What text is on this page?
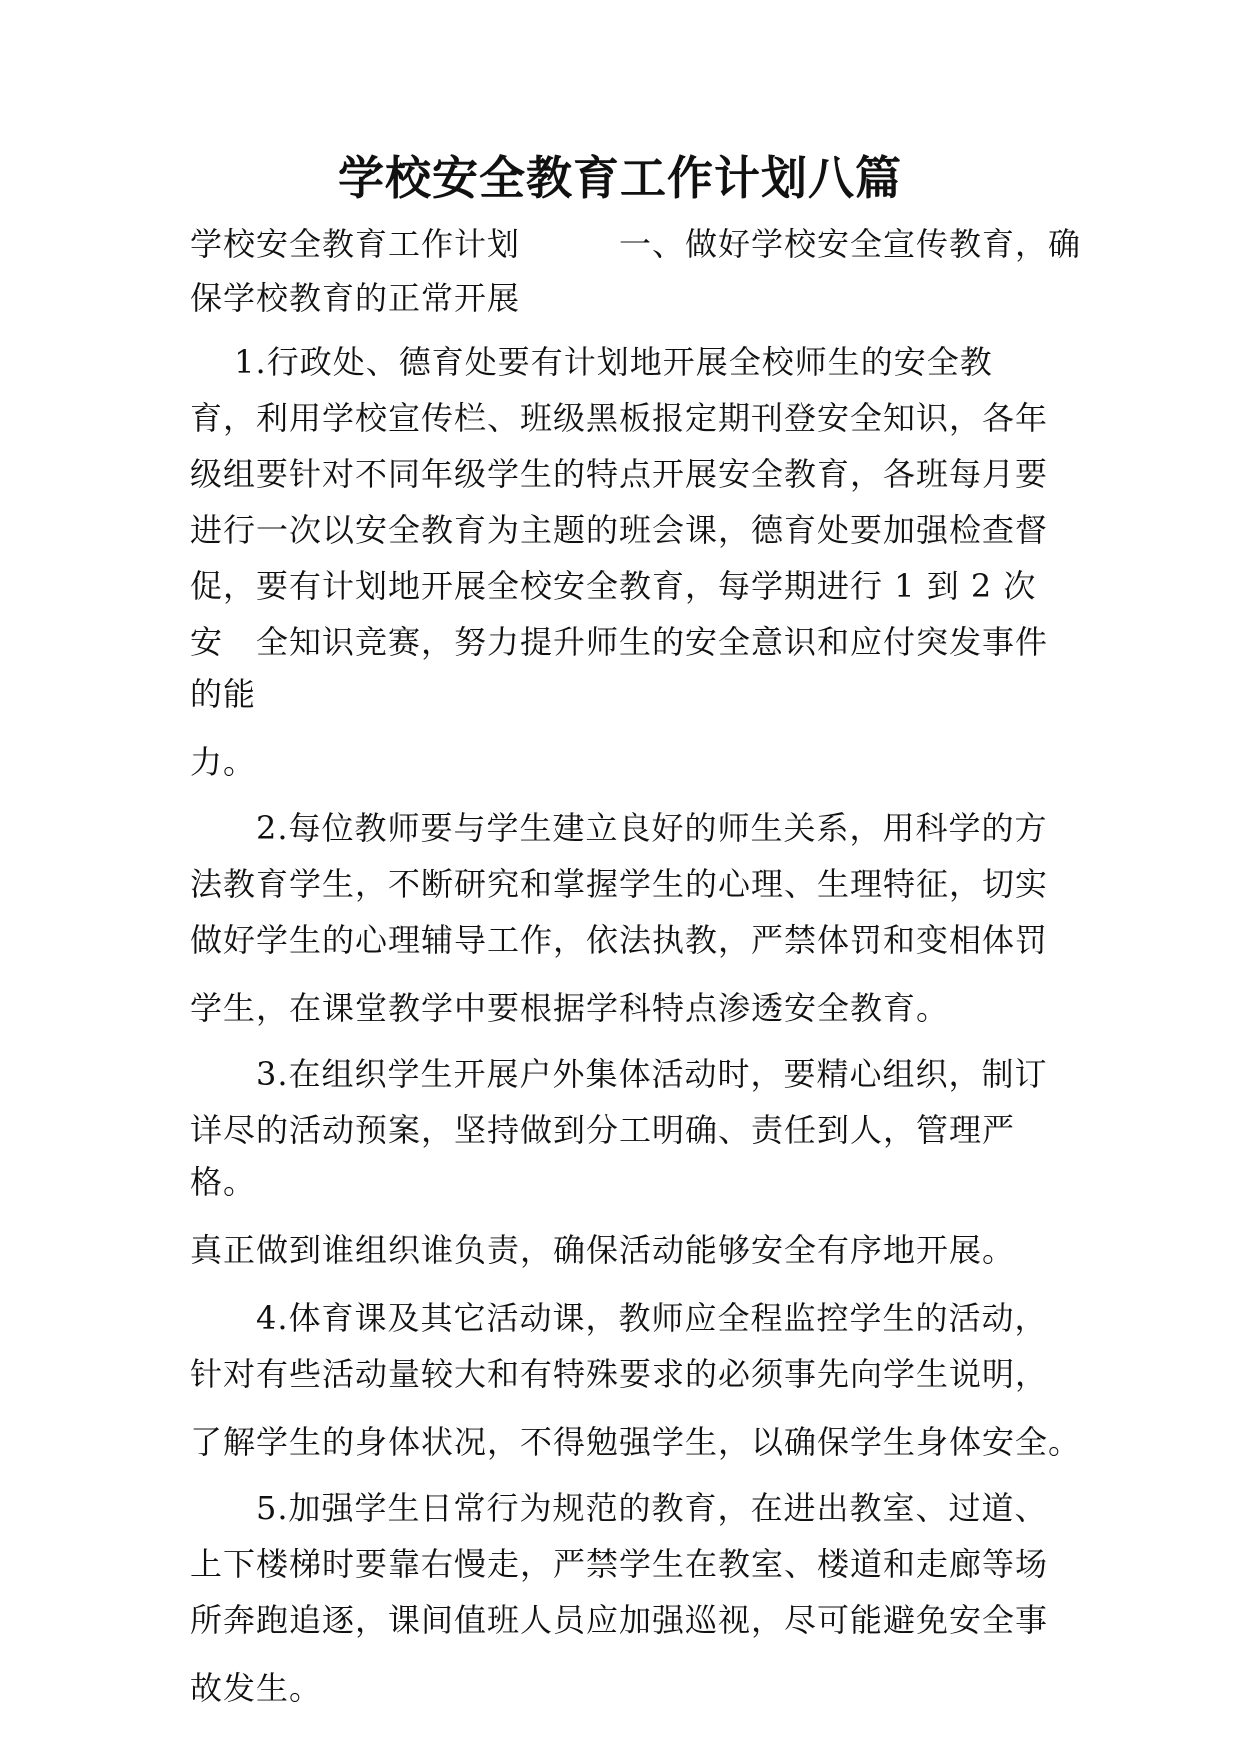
学校安全教育工作计划八篇
学校安全教育工作计划　　　一、做好学校安全宣传教育，确
保学校教育的正常开展
　 1.行政处、德育处要有计划地开展全校师生的安全教
育，利用学校宣传栏、班级黑板报定期刊登安全知识，各年
级组要针对不同年级学生的特点开展安全教育，各班每月要
进行一次以安全教育为主题的班会课，德育处要加强检查督
促，要有计划地开展全校安全教育，每学期进行 1 到 2 次
安　全知识竞赛，努力提升师生的安全意识和应付突发事件
的能
力。
　　2.每位教师要与学生建立良好的师生关系，用科学的方
法教育学生，不断研究和掌握学生的心理、生理特征，切实
做好学生的心理辅导工作，依法执教，严禁体罚和变相体罚
学生，在课堂教学中要根据学科特点渗透安全教育。
　　3.在组织学生开展户外集体活动时，要精心组织，制订
详尽的活动预案，坚持做到分工明确、责任到人，管理严
格。
真正做到谁组织谁负责，确保活动能够安全有序地开展。
　　4.体育课及其它活动课，教师应全程监控学生的活动，
针对有些活动量较大和有特殊要求的必须事先向学生说明，
了解学生的身体状况，不得勉强学生，以确保学生身体安全。
　　5.加强学生日常行为规范的教育，在进出教室、过道、
上下楼梯时要靠右慢走，严禁学生在教室、楼道和走廊等场
所奔跑追逐，课间值班人员应加强巡视，尽可能避免安全事
故发生。
